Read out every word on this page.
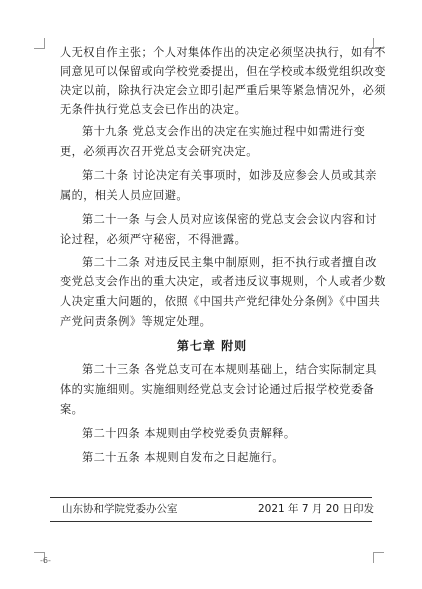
人无权自作主张；个人对集体作出的决定必须坚决执行，如有不
同意见可以保留或向学校党委提出，但在学校或本级党组织改变
决定以前，除执行决定会立即引起严重后果等紧急情况外，必须
无条件执行党总支会已作出的决定。
第十九条 党总支会作出的决定在实施过程中如需进行变
更，必须再次召开党总支会研究决定。
第二十条 讨论决定有关事项时，如涉及应参会人员或其亲
属的，相关人员应回避。
第二十一条 与会人员对应该保密的党总支会会议内容和讨
论过程，必须严守秘密，不得泄露。
第二十二条 对违反民主集中制原则，拒不执行或者擅自改
变党总支会作出的重大决定，或者违反议事规则，个人或者少数
人决定重大问题的，依照《中国共产党纪律处分条例》《中国共
产党问责条例》等规定处理。
第七章 附则
第二十三条 各党总支可在本规则基础上，结合实际制定具
体的实施细则。实施细则经党总支会讨论通过后报学校党委备
案。
第二十四条 本规则由学校党委负责解释。
第二十五条 本规则自发布之日起施行。
山东协和学院党委办公室	2021 年 7 月 20 日印发
-6-
